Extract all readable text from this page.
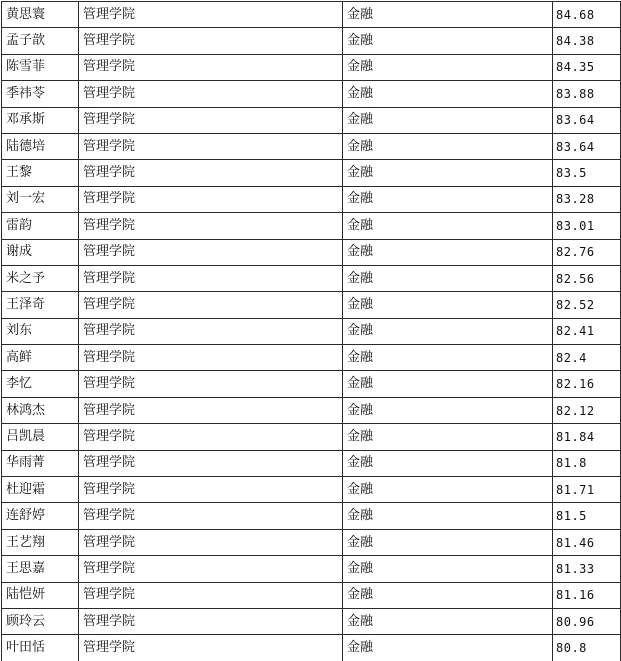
黄思寰	管理学院	金融	84.68
孟子歆	管理学院	金融	84.38
陈雪菲	管理学院	金融	84.35
季祎苓	管理学院	金融	83.88
邓承斯	管理学院	金融	83.64
陆德培	管理学院	金融	83.64
王黎	管理学院	金融	83.5
刘一宏	管理学院	金融	83.28
雷韵	管理学院	金融	83.01
谢成	管理学院	金融	82.76
米之予	管理学院	金融	82.56
王泽奇	管理学院	金融	82.52
刘东	管理学院	金融	82.41
高鲜	管理学院	金融	82.4
李忆	管理学院	金融	82.16
林鸿杰	管理学院	金融	82.12
吕凯晨	管理学院	金融	81.84
华雨菁	管理学院	金融	81.8
杜迎霜	管理学院	金融	81.71
连舒婷	管理学院	金融	81.5
王艺翔	管理学院	金融	81.46
王思嘉	管理学院	金融	81.33
陆恺妍	管理学院	金融	81.16
顾玲云	管理学院	金融	80.96
叶田恬	管理学院	金融	80.8
